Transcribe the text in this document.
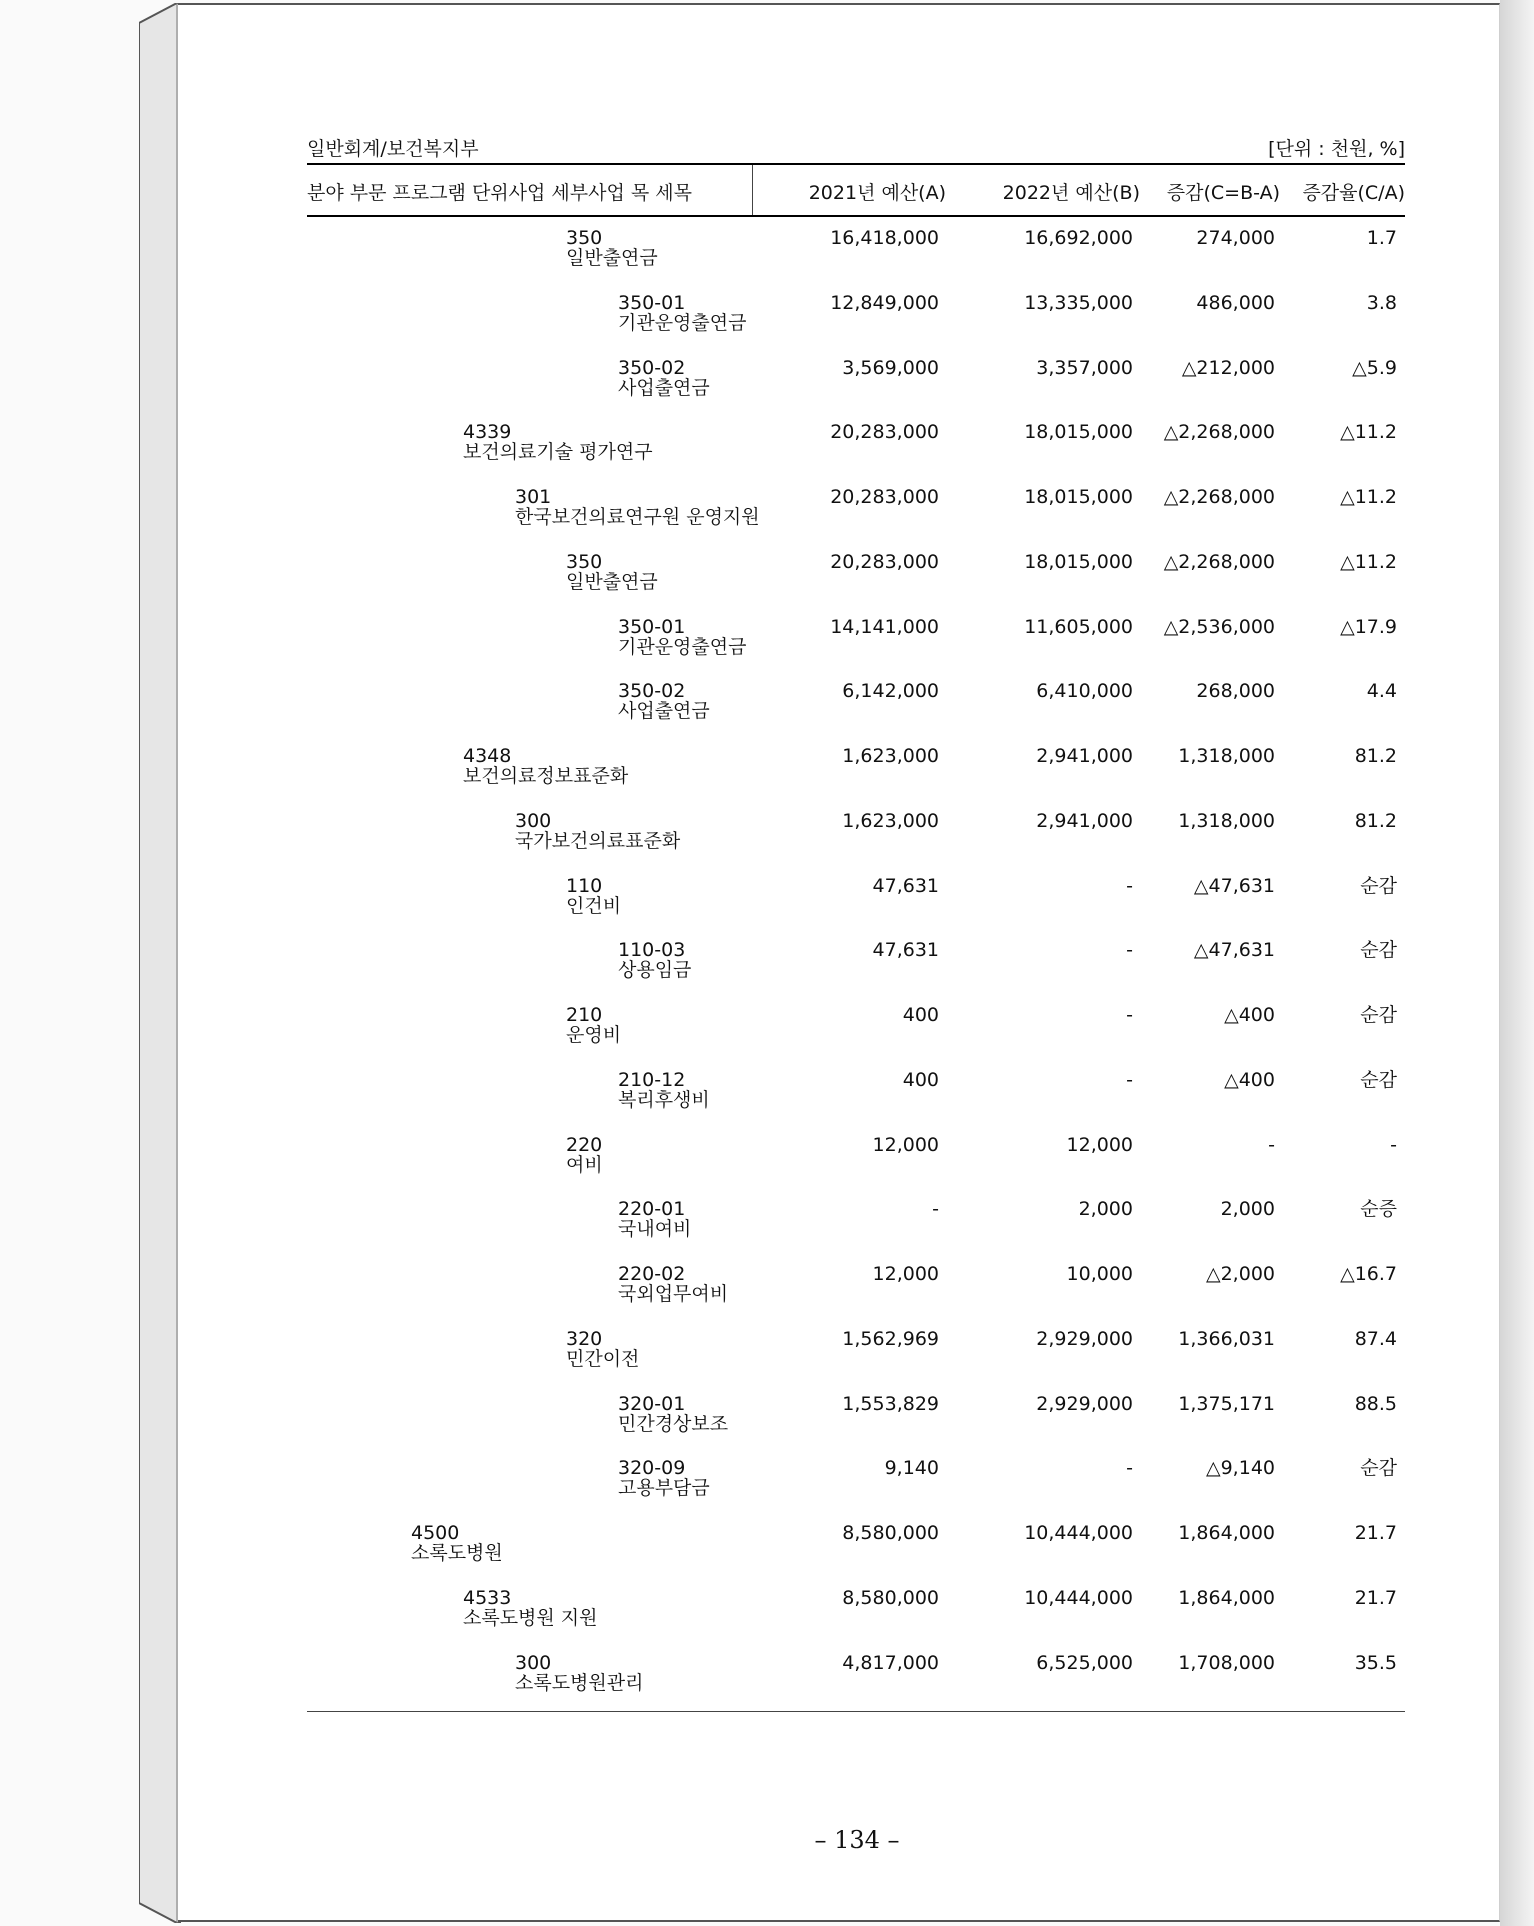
일반회계/보건복지부	[단위 : 천원, %]
분야 부문 프로그램 단위사업 세부사업 목 세목	2021년 예산(A)	2022년 예산(B)	증감(C=B-A)	증감율(C/A)
350
일반출연금
16,418,000	16,692,000	274,000	1.7
350-01
기관운영출연금
12,849,000	13,335,000	486,000	3.8
350-02
사업출연금
3,569,000	3,357,000	△212,000	△5.9
4339
보건의료기술 평가연구
20,283,000	18,015,000	△2,268,000	△11.2
301
한국보건의료연구원 운영지원
20,283,000	18,015,000	△2,268,000	△11.2
350
일반출연금
20,283,000	18,015,000	△2,268,000	△11.2
350-01
기관운영출연금
14,141,000	11,605,000	△2,536,000	△17.9
350-02
사업출연금
6,142,000	6,410,000	268,000	4.4
4348
보건의료정보표준화
1,623,000	2,941,000	1,318,000	81.2
300
국가보건의료표준화
1,623,000	2,941,000	1,318,000	81.2
110
인건비
47,631	-	△47,631	순감
110-03
상용임금
47,631	-	△47,631	순감
210
운영비
400	-	△400	순감
210-12
복리후생비
400	-	△400	순감
220
여비
12,000	12,000	-	-
220-01
국내여비
-	2,000	2,000	순증
220-02
국외업무여비
12,000	10,000	△2,000	△16.7
320
민간이전
1,562,969	2,929,000	1,366,031	87.4
320-01
민간경상보조
1,553,829	2,929,000	1,375,171	88.5
320-09
고용부담금
9,140	-	△9,140	순감
4500
소록도병원
8,580,000	10,444,000	1,864,000	21.7
4533
소록도병원 지원
8,580,000	10,444,000	1,864,000	21.7
300
소록도병원관리
4,817,000	6,525,000	1,708,000	35.5
– 134 –
